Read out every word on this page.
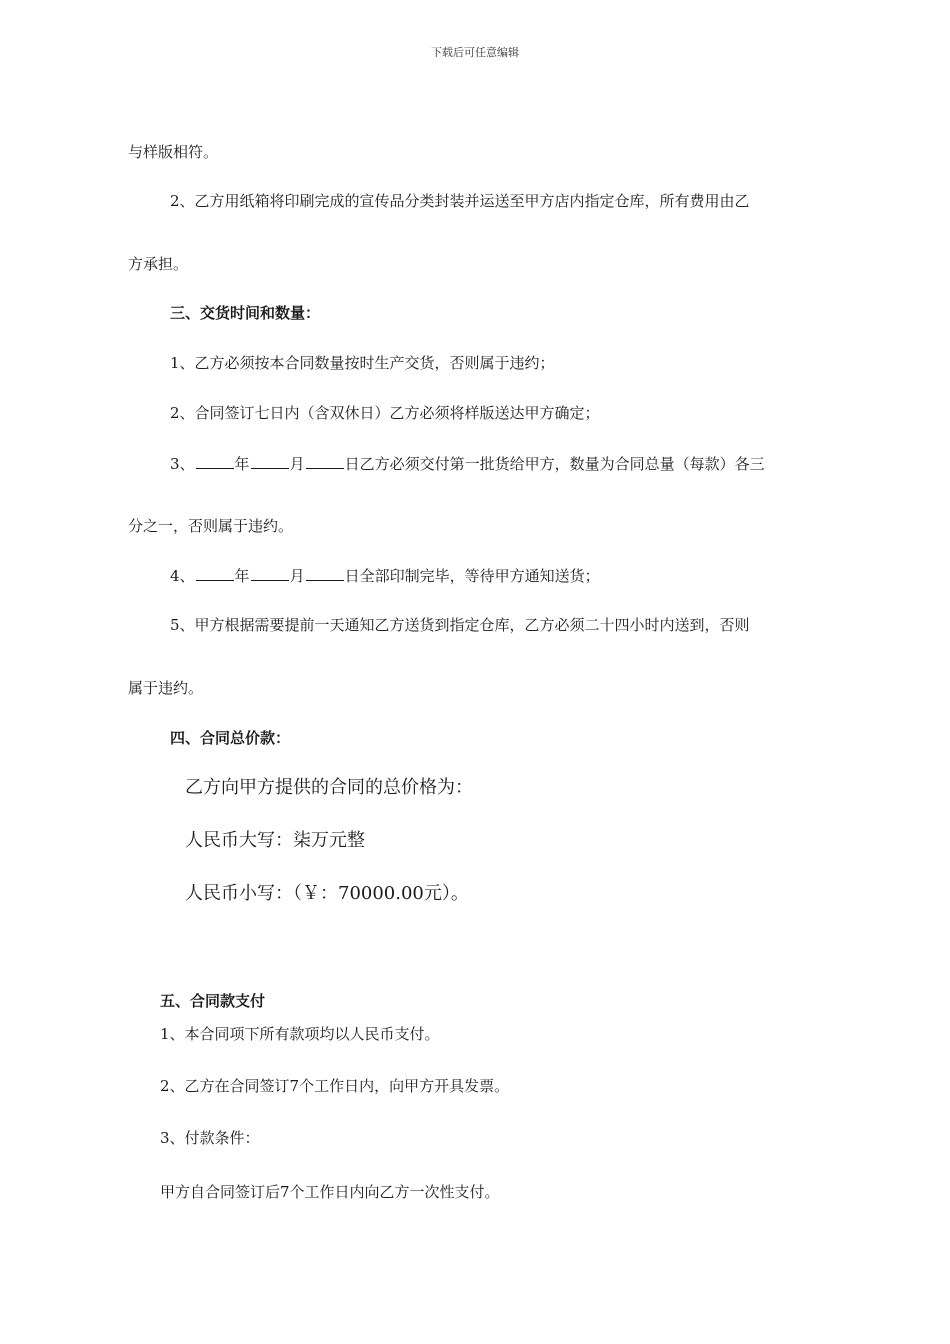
下载后可任意编辑
与样版相符。
2、乙方用纸箱将印刷完成的宣传品分类封装并运送至甲方店内指定仓库，所有费用由乙
方承担。
三、交货时间和数量：
1、乙方必须按本合同数量按时生产交货，否则属于违约；
2、合同签订七日内（含双休日）乙方必须将样版送达甲方确定；
3、	年	月	日乙方必须交付第一批货给甲方，数量为合同总量（每款）各三
分之一，否则属于违约。
4、	年	月	日全部印制完毕，等待甲方通知送货；
5、甲方根据需要提前一天通知乙方送货到指定仓库，乙方必须二十四小时内送到，否则
属于违约。
四、合同总价款：
乙方向甲方提供的合同的总价格为：
人民币大写：柒万元整
人民币小写：（￥：70000.00元）。
五、合同款支付
1、本合同项下所有款项均以人民币支付。
2、乙方在合同签订7个工作日内，向甲方开具发票。
3、付款条件：
甲方自合同签订后7个工作日内向乙方一次性支付。
